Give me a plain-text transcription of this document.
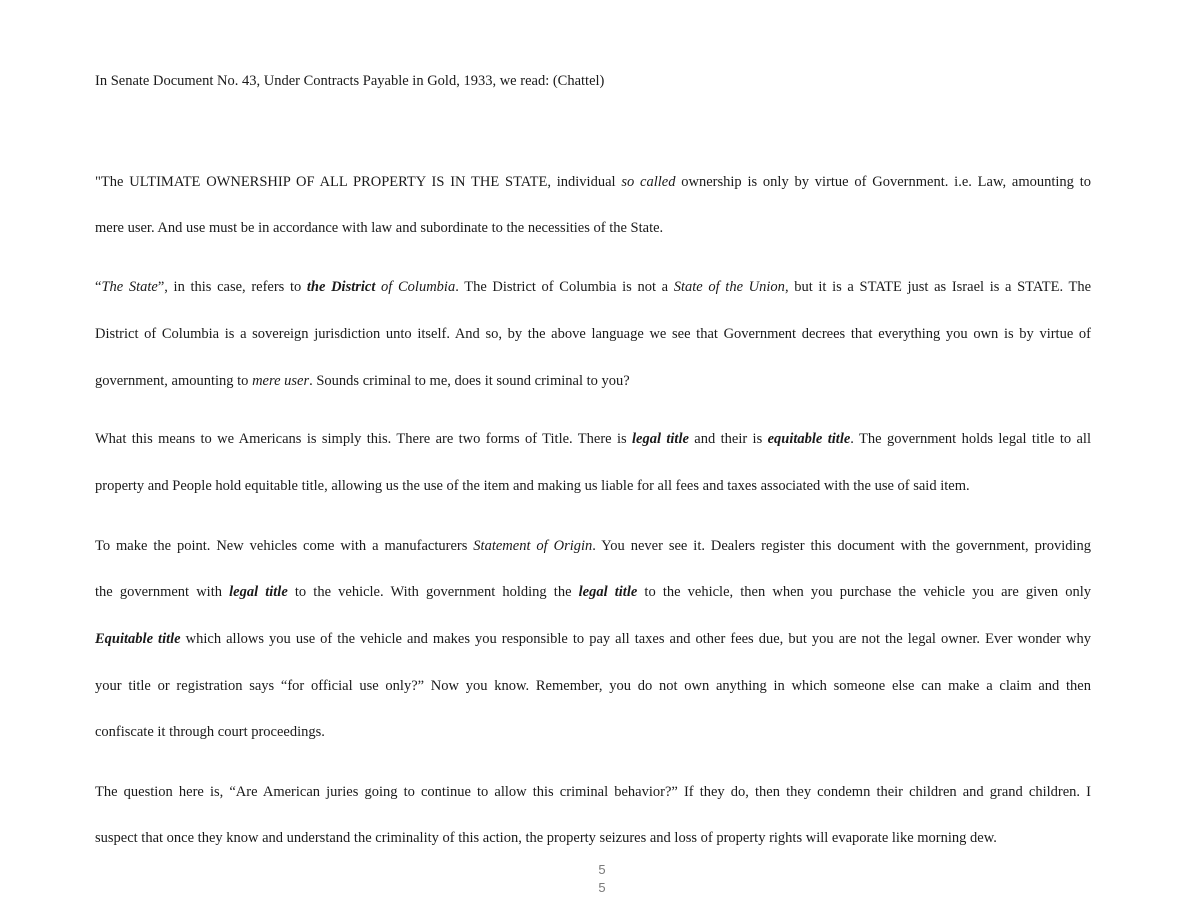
In Senate Document No. 43, Under Contracts Payable in Gold, 1933, we read: (Chattel)
"The ULTIMATE OWNERSHIP OF ALL PROPERTY IS IN THE STATE, individual so called ownership is only by virtue of Government. i.e. Law, amounting to
mere user. And use must be in accordance with law and subordinate to the necessities of the State.
“The State”, in this case, refers to the District of Columbia. The District of Columbia is not a State of the Union, but it is a STATE just as Israel is a STATE. The
District of Columbia is a sovereign jurisdiction unto itself. And so, by the above language we see that Government decrees that everything you own is by virtue of
government, amounting to mere user. Sounds criminal to me, does it sound criminal to you?
What this means to we Americans is simply this. There are two forms of Title. There is legal title and their is equitable title. The government holds legal title to all
property and People hold equitable title, allowing us the use of the item and making us liable for all fees and taxes associated with the use of said item.
To make the point. New vehicles come with a manufacturers Statement of Origin. You never see it. Dealers register this document with the government, providing
the government with legal title to the vehicle. With government holding the legal title to the vehicle, then when you purchase the vehicle you are given only
Equitable title which allows you use of the vehicle and makes you responsible to pay all taxes and other fees due, but you are not the legal owner. Ever wonder why
your title or registration says “for official use only?” Now you know. Remember, you do not own anything in which someone else can make a claim and then
confiscate it through court proceedings.
The question here is, “Are American juries going to continue to allow this criminal behavior?” If they do, then they condemn their children and grand children. I
suspect that once they know and understand the criminality of this action, the property seizures and loss of property rights will evaporate like morning dew.
5
5
